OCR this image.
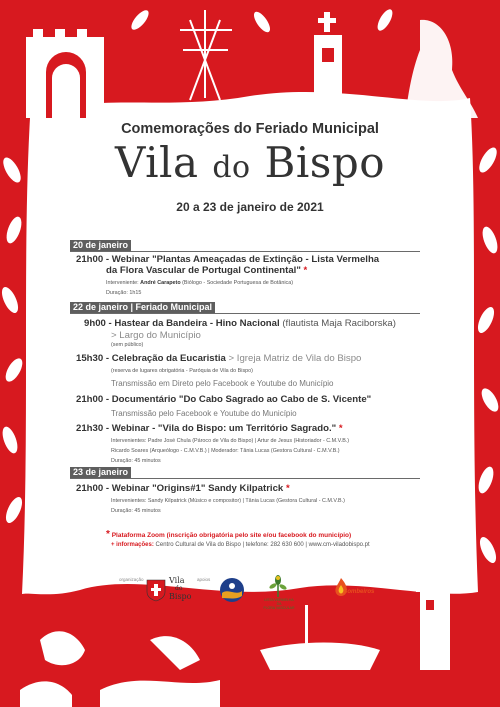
Comemorações do Feriado Municipal
Vila do Bispo
20 a 23 de janeiro de 2021
20 de janeiro
21h00 - Webinar "Plantas Ameaçadas de Extinção - Lista Vermelha
da Flora Vascular de Portugal Continental" *
Interveniente: André Carapeto (Biólogo - Sociedade Portuguesa de Botânica)
Duração: 1h15
22 de janeiro | Feriado Municipal
9h00 - Hastear da Bandeira - Hino Nacional (flautista Maja Raciborska)
> Largo do Município
(sem público)
15h30 - Celebração da Eucaristia > Igreja Matriz de Vila do Bispo
(reserva de lugares obrigatória - Paróquia de Vila do Bispo)
Transmissão em Direto pelo Facebook e Youtube do Município
21h00 - Documentário "Do Cabo Sagrado ao Cabo de S. Vicente"
Transmissão pelo Facebook e Youtube do Município
21h30 - Webinar - "Vila do Bispo: um Território Sagrado." *
Intervenientes: Padre José Chula (Pároco de Vila do Bispo) | Artur de Jesus (Historiador - C.M.V.B.)
Ricardo Soares (Arqueólogo - C.M.V.B.) | Moderador: Tânia Lucas (Gestora Cultural - C.M.V.B.)
Duração: 45 minutos
23 de janeiro
21h00 - Webinar "Origins#1" Sandy Kilpatrick *
Intervenientes: Sandy Kilpatrick (Músico e compositor) | Tânia Lucas (Gestora Cultural - C.M.V.B.)
Duração: 45 minutos
* Plataforma Zoom (inscrição obrigatória pelo site e/ou facebook do município)
+ informações: Centro Cultural de Vila do Bispo | telefone: 282 630 600 | www.cm-viladobispo.pt
organização	Vila
do
Bispo
apoios
LISTA VERMELHA DA
FLORA VASCULAR
Bombeiros
